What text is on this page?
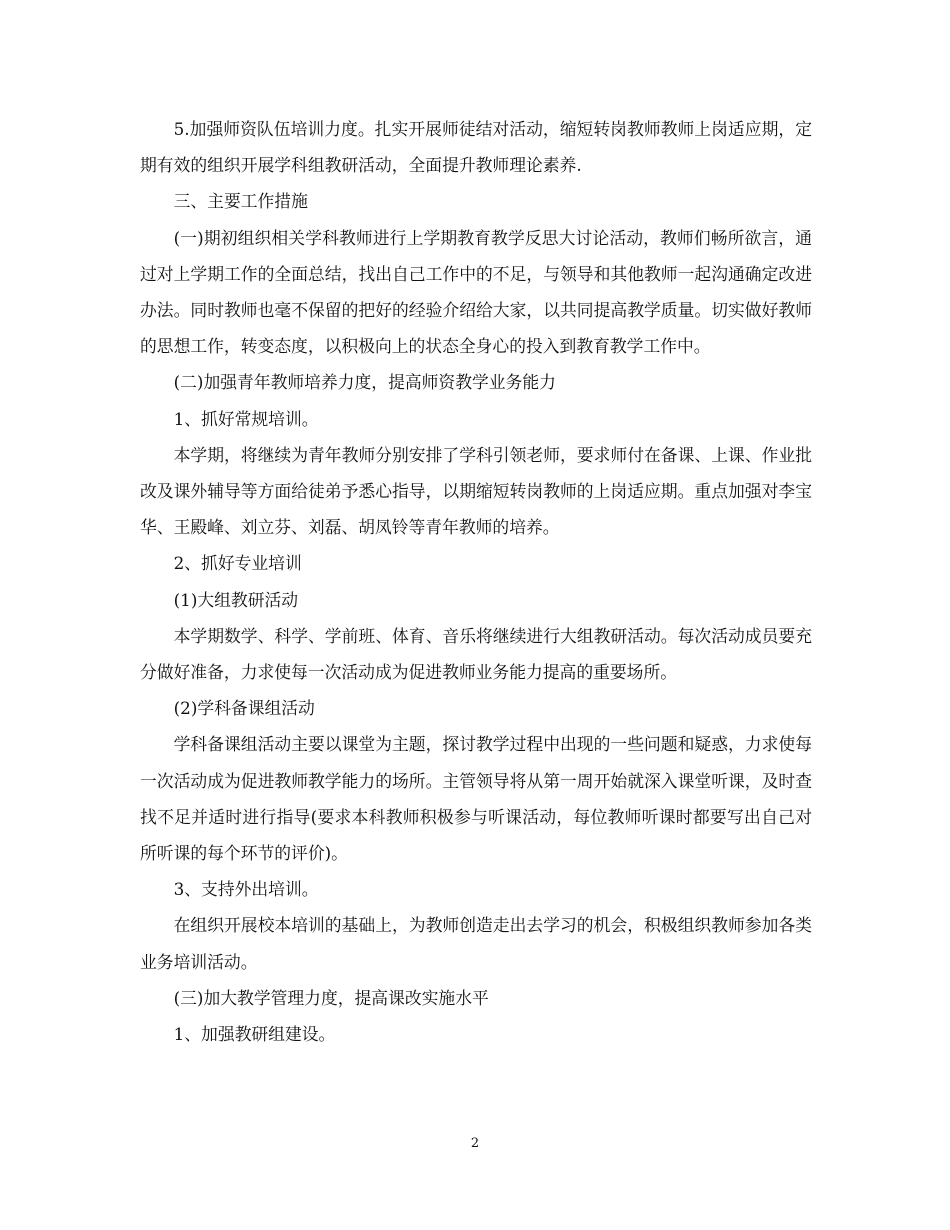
5.加强师资队伍培训力度。扎实开展师徒结对活动，缩短转岗教师教师上岗适应期，定期有效的组织开展学科组教研活动，全面提升教师理论素养.

三、主要工作措施

(一)期初组织相关学科教师进行上学期教育教学反思大讨论活动，教师们畅所欲言，通过对上学期工作的全面总结，找出自己工作中的不足，与领导和其他教师一起沟通确定改进办法。同时教师也毫不保留的把好的经验介绍给大家，以共同提高教学质量。切实做好教师的思想工作，转变态度，以积极向上的状态全身心的投入到教育教学工作中。

(二)加强青年教师培养力度，提高师资教学业务能力

1、抓好常规培训。

本学期，将继续为青年教师分别安排了学科引领老师，要求师付在备课、上课、作业批改及课外辅导等方面给徒弟予悉心指导，以期缩短转岗教师的上岗适应期。重点加强对李宝华、王殿峰、刘立芬、刘磊、胡凤铃等青年教师的培养。

2、抓好专业培训

(1)大组教研活动

本学期数学、科学、学前班、体育、音乐将继续进行大组教研活动。每次活动成员要充分做好准备，力求使每一次活动成为促进教师业务能力提高的重要场所。

(2)学科备课组活动

学科备课组活动主要以课堂为主题，探讨教学过程中出现的一些问题和疑惑，力求使每一次活动成为促进教师教学能力的场所。主管领导将从第一周开始就深入课堂听课，及时查找不足并适时进行指导(要求本科教师积极参与听课活动，每位教师听课时都要写出自己对所听课的每个环节的评价)。

3、支持外出培训。

在组织开展校本培训的基础上，为教师创造走出去学习的机会，积极组织教师参加各类业务培训活动。

(三)加大教学管理力度，提高课改实施水平

1、加强教研组建设。

2
